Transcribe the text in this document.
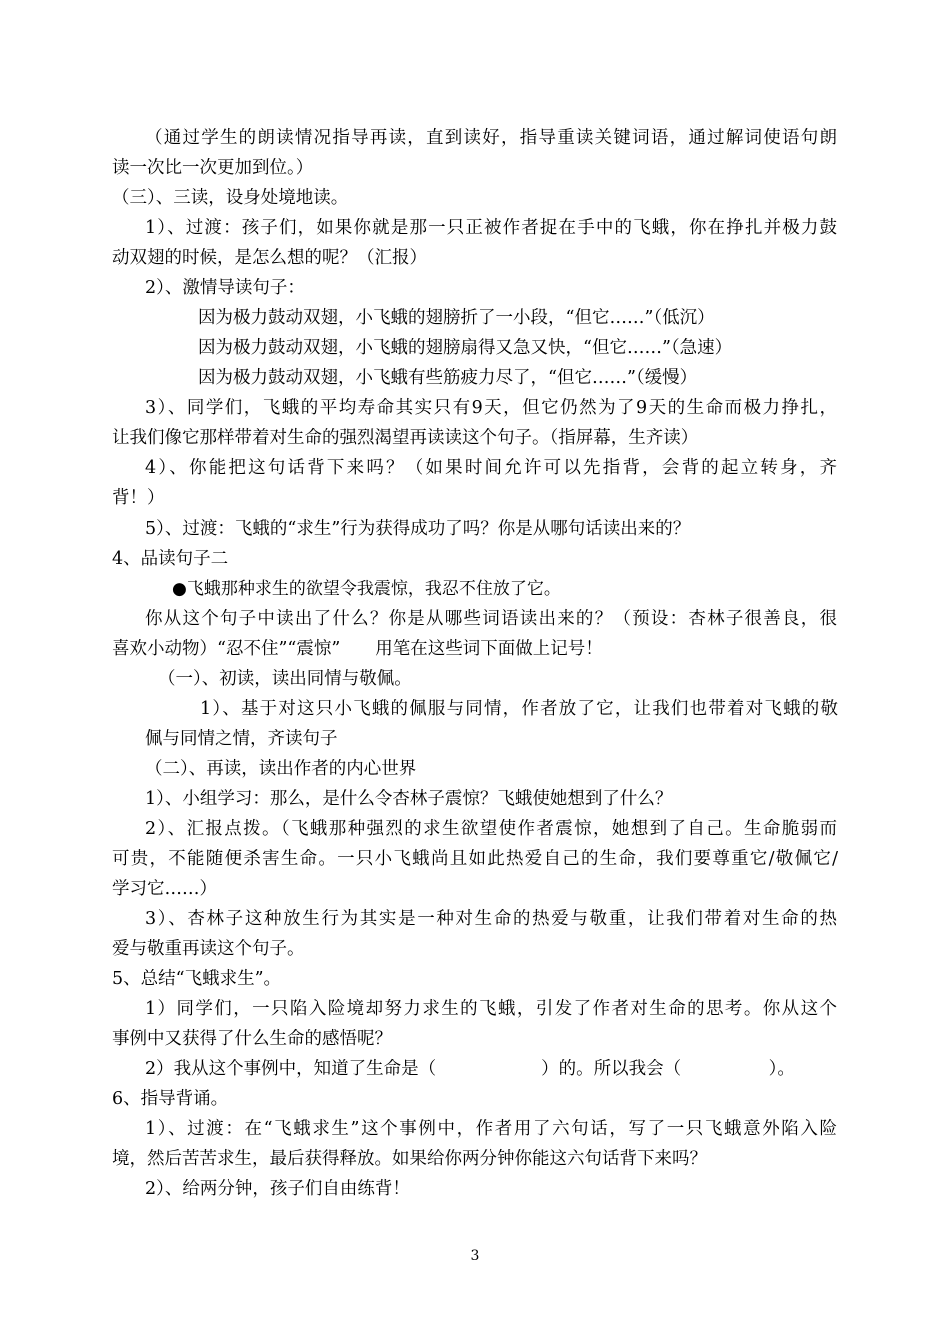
（通过学生的朗读情况指导再读，直到读好，指导重读关键词语，通过解词使语句朗
读一次比一次更加到位。）
（三）、三读，设身处境地读。
1）、过渡：孩子们，如果你就是那一只正被作者捉在手中的飞蛾，你在挣扎并极力鼓
动双翅的时候，是怎么想的呢？（汇报）
2）、激情导读句子：
因为极力鼓动双翅，小飞蛾的翅膀折了一小段，“但它……”（低沉）
因为极力鼓动双翅，小飞蛾的翅膀扇得又急又快，“但它……”（急速）
因为极力鼓动双翅，小飞蛾有些筋疲力尽了，“但它……”（缓慢）
3）、同学们，飞蛾的平均寿命其实只有9天，但它仍然为了9天的生命而极力挣扎，
让我们像它那样带着对生命的强烈渴望再读读这个句子。（指屏幕，生齐读）
4）、你能把这句话背下来吗？（如果时间允许可以先指背，会背的起立转身，齐
背！）
5）、过渡：飞蛾的“求生”行为获得成功了吗？你是从哪句话读出来的？
4、品读句子二
●飞蛾那种求生的欲望令我震惊，我忍不住放了它。
你从这个句子中读出了什么？你是从哪些词语读出来的？（预设：杏林子很善良，很
喜欢小动物）“忍不住”“震惊”　　用笔在这些词下面做上记号！
（一）、初读，读出同情与敬佩。
1）、基于对这只小飞蛾的佩服与同情，作者放了它，让我们也带着对飞蛾的敬
佩与同情之情，齐读句子
（二）、再读，读出作者的内心世界
1）、小组学习：那么，是什么令杏林子震惊？飞蛾使她想到了什么？
2）、汇报点拨。（飞蛾那种强烈的求生欲望使作者震惊，她想到了自己。生命脆弱而
可贵，不能随便杀害生命。一只小飞蛾尚且如此热爱自己的生命，我们要尊重它/敬佩它/
学习它……）
3）、杏林子这种放生行为其实是一种对生命的热爱与敬重，让我们带着对生命的热
爱与敬重再读这个句子。
5、总结“飞蛾求生”。
1）同学们，一只陷入险境却努力求生的飞蛾，引发了作者对生命的思考。你从这个
事例中又获得了什么生命的感悟呢？
2）我从这个事例中，知道了生命是（　　　　　　）的。所以我会（　　　　　）。
6、指导背诵。
1）、过渡：在“飞蛾求生”这个事例中，作者用了六句话，写了一只飞蛾意外陷入险
境，然后苦苦求生，最后获得释放。如果给你两分钟你能这六句话背下来吗？
2）、给两分钟，孩子们自由练背！
3
